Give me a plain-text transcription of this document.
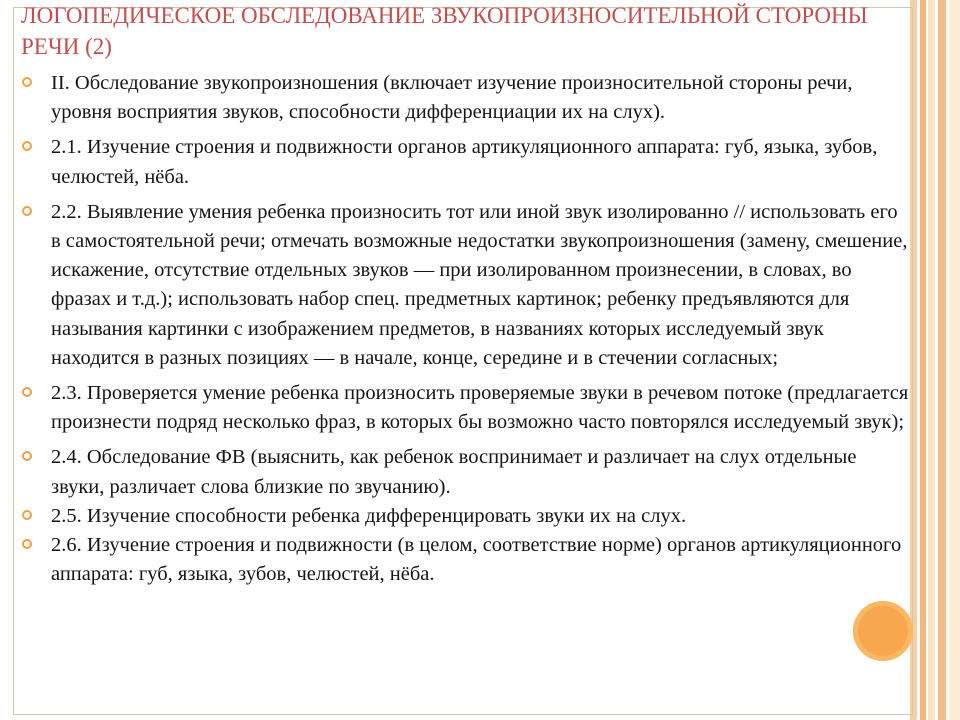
ЛОГОПЕДИЧЕСКОЕ ОБСЛЕДОВАНИЕ ЗВУКОПРОИЗНОСИТЕЛЬНОЙ СТОРОНЫ РЕЧИ (2)
II. Обследование звукопроизношения (включает изучение произносительной стороны речи, уровня восприятия звуков, способности дифференциации их на слух).
2.1. Изучение строения и подвижности органов артикуляционного аппарата: губ, языка, зубов, челюстей, нёба.
2.2. Выявление умения ребенка произносить тот или иной звук изолированно // использовать его в самостоятельной речи; отмечать возможные недостатки звукопроизношения (замену, смешение, искажение, отсутствие отдельных звуков — при изолированном произнесении, в словах, во фразах и т.д.); использовать набор спец. предметных картинок; ребенку предъявляются для называния картинки с изображением предметов, в названиях которых исследуемый звук находится в разных позициях — в начале, конце, середине и в стечении согласных;
2.3. Проверяется умение ребенка произносить проверяемые звуки в речевом потоке (предлагается произнести подряд несколько фраз, в которых бы возможно часто повторялся исследуемый звук);
2.4. Обследование ФВ (выяснить, как ребенок воспринимает и различает на слух отдельные звуки, различает слова близкие по звучанию).
2.5. Изучение способности ребенка дифференцировать звуки их на слух.
2.6. Изучение строения и подвижности (в целом, соответствие норме) органов артикуляционного аппарата: губ, языка, зубов, челюстей, нёба.
